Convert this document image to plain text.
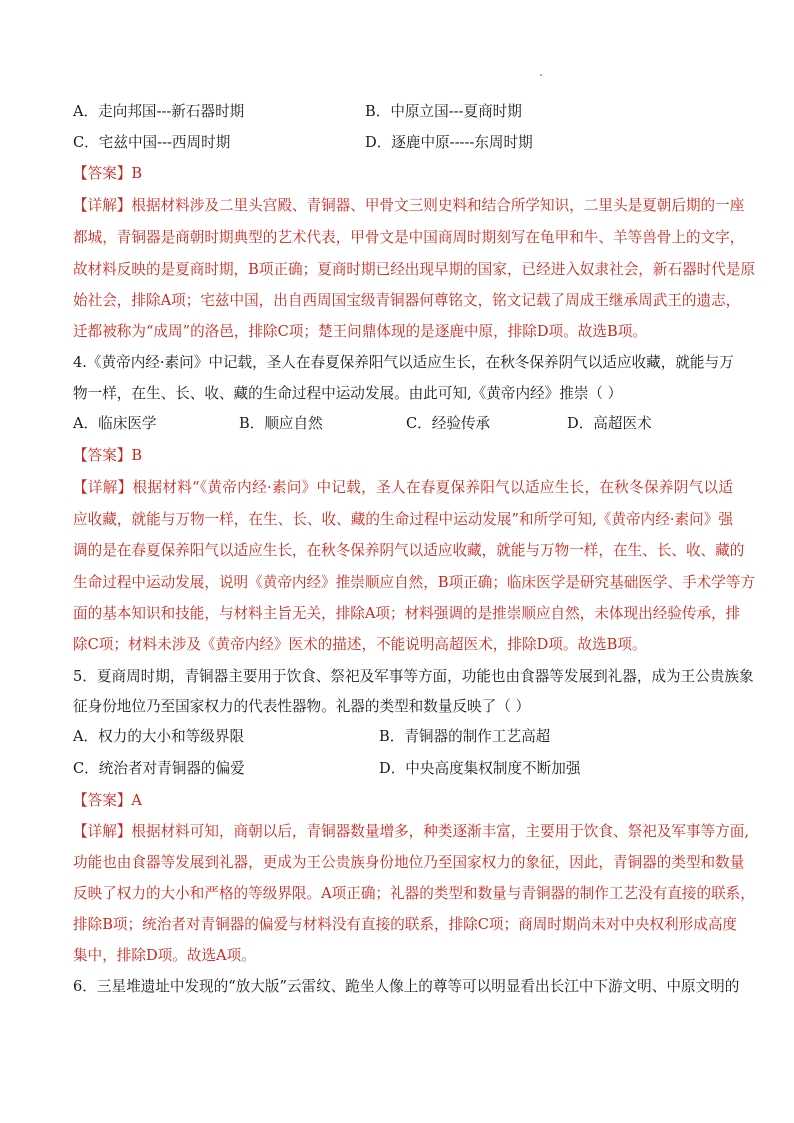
A．走向邦国---新石器时期	B．中原立国---夏商时期
C．宅兹中国---西周时期	D．逐鹿中原-----东周时期
【答案】B
【详解】根据材料涉及二里头宫殿、青铜器、甲骨文三则史料和结合所学知识，二里头是夏朝后期的一座
都城，青铜器是商朝时期典型的艺术代表，甲骨文是中国商周时期刻写在龟甲和牛、羊等兽骨上的文字，
故材料反映的是夏商时期，B项正确；夏商时期已经出现早期的国家，已经进入奴隶社会，新石器时代是原
始社会，排除A项；宅兹中国，出自西周国宝级青铜器何尊铭文，铭文记载了周成王继承周武王的遗志，
迁都被称为“成周”的洛邑，排除C项；楚王问鼎体现的是逐鹿中原，排除D项。故选B项。
4.《黄帝内经·素问》中记载，圣人在春夏保养阳气以适应生长，在秋冬保养阴气以适应收藏，就能与万
物一样，在生、长、收、藏的生命过程中运动发展。由此可知,《黄帝内经》推崇（ ）
A．临床医学	B．顺应自然	C．经验传承	D．高超医术
【答案】B
【详解】根据材料“《黄帝内经·素问》中记载，圣人在春夏保养阳气以适应生长，在秋冬保养阴气以适
应收藏，就能与万物一样，在生、长、收、藏的生命过程中运动发展”和所学可知,《黄帝内经·素问》强
调的是在春夏保养阳气以适应生长，在秋冬保养阴气以适应收藏，就能与万物一样，在生、长、收、藏的
生命过程中运动发展，说明《黄帝内经》推崇顺应自然，B项正确；临床医学是研究基础医学、手术学等方
面的基本知识和技能，与材料主旨无关，排除A项；材料强调的是推崇顺应自然，未体现出经验传承，排
除C项；材料未涉及《黄帝内经》医术的描述，不能说明高超医术，排除D项。故选B项。
5．夏商周时期，青铜器主要用于饮食、祭祀及军事等方面，功能也由食器等发展到礼器，成为王公贵族象
征身份地位乃至国家权力的代表性器物。礼器的类型和数量反映了（ ）
A．权力的大小和等级界限	B．青铜器的制作工艺高超
C．统治者对青铜器的偏爱	D．中央高度集权制度不断加强
【答案】A
【详解】根据材料可知，商朝以后，青铜器数量增多，种类逐渐丰富，主要用于饮食、祭祀及军事等方面,
功能也由食器等发展到礼器，更成为王公贵族身份地位乃至国家权力的象征，因此，青铜器的类型和数量
反映了权力的大小和严格的等级界限。A项正确；礼器的类型和数量与青铜器的制作工艺没有直接的联系，
排除B项；统治者对青铜器的偏爱与材料没有直接的联系，排除C项；商周时期尚未对中央权利形成高度
集中，排除D项。故选A项。
6．三星堆遗址中发现的“放大版”云雷纹、跪坐人像上的尊等可以明显看出长江中下游文明、中原文明的
